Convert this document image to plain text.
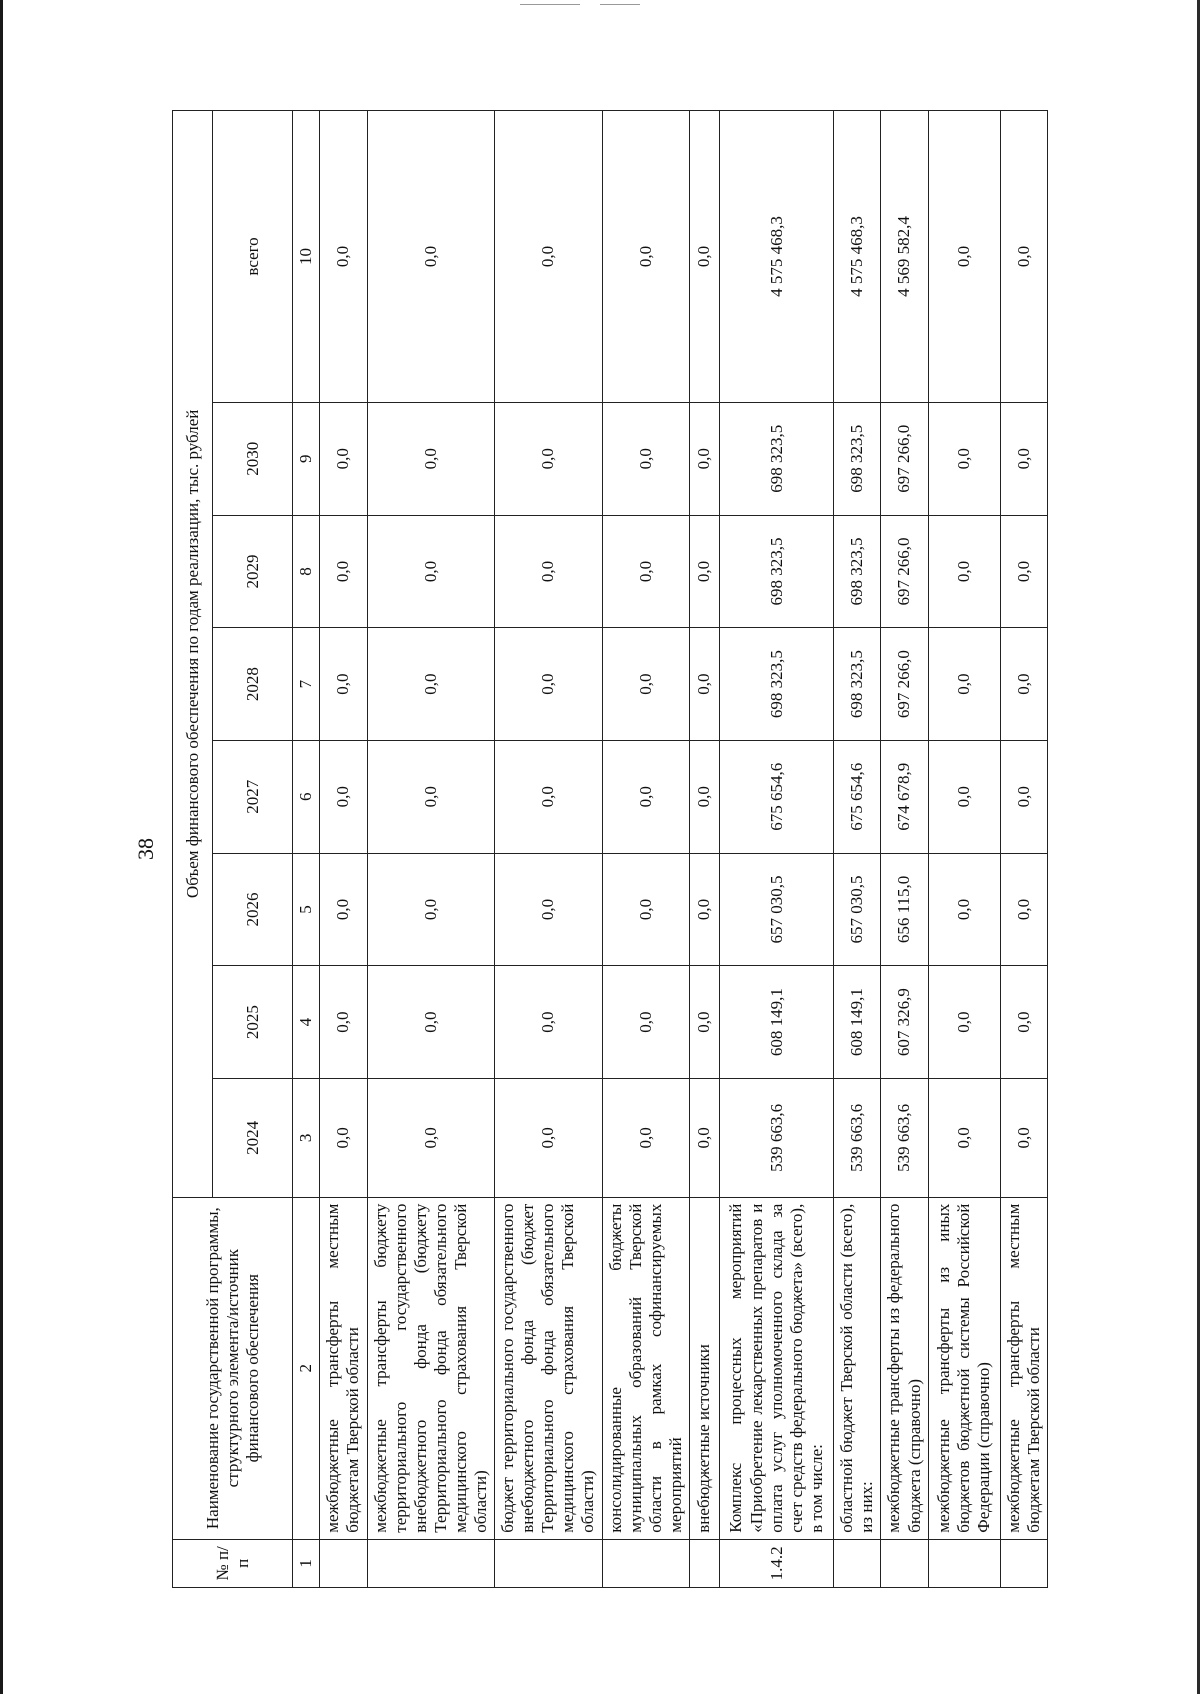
38
№ п/п	Наименование государственной программы, структурного элемента/источник финансового обеспечения	Объем финансового обеспечения по годам реализации, тыс. рублей							
		2024	2025	2026	2027	2028	2029	2030	всего
1	2	3	4	5	6	7	8	9	10
	межбюджетные трансферты местным бюджетам Тверской области	0,0	0,0	0,0	0,0	0,0	0,0	0,0	0,0
	межбюджетные трансферты бюджету территориального государственного внебюджетного фонда (бюджету Территориального фонда обязательного медицинского страхования Тверской области)	0,0	0,0	0,0	0,0	0,0	0,0	0,0	0,0
	бюджет территориального государственного внебюджетного фонда (бюджет Территориального фонда обязательного медицинского страхования Тверской области)	0,0	0,0	0,0	0,0	0,0	0,0	0,0	0,0
	консолидированные бюджеты муниципальных образований Тверской области в рамках софинансируемых мероприятий	0,0	0,0	0,0	0,0	0,0	0,0	0,0	0,0
	внебюджетные источники	0,0	0,0	0,0	0,0	0,0	0,0	0,0	0,0
1.4.2	Комплекс процессных мероприятий «Приобретение лекарственных препаратов и оплата услуг уполномоченного склада за счет средств федерального бюджета» (всего), в том числе:	539 663,6	608 149,1	657 030,5	675 654,6	698 323,5	698 323,5	698 323,5	4 575 468,3
	областной бюджет Тверской области (всего), из них:	539 663,6	608 149,1	657 030,5	675 654,6	698 323,5	698 323,5	698 323,5	4 575 468,3
	межбюджетные трансферты из федерального бюджета (справочно)	539 663,6	607 326,9	656 115,0	674 678,9	697 266,0	697 266,0	697 266,0	4 569 582,4
	межбюджетные трансферты из иных бюджетов бюджетной системы Российской Федерации (справочно)	0,0	0,0	0,0	0,0	0,0	0,0	0,0	0,0
	межбюджетные трансферты местным бюджетам Тверской области	0,0	0,0	0,0	0,0	0,0	0,0	0,0	0,0
